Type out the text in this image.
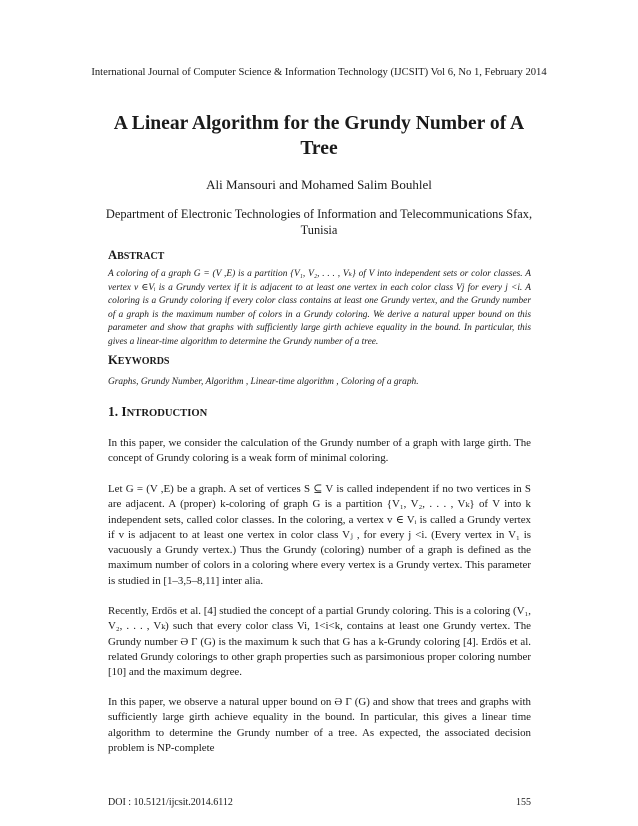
International Journal of Computer Science & Information Technology (IJCSIT) Vol 6, No 1, February 2014
A Linear Algorithm for the Grundy Number of A Tree
Ali Mansouri and Mohamed Salim Bouhlel
Department of Electronic Technologies of Information and Telecommunications Sfax, Tunisia
ABSTRACT
A coloring of a graph G = (V ,E) is a partition {V₁, V₂, . . . , Vₖ} of V into independent sets or color classes. A vertex v ∈Vᵢ is a Grundy vertex if it is adjacent to at least one vertex in each color class Vj for every j <i. A coloring is a Grundy coloring if every color class contains at least one Grundy vertex, and the Grundy number of a graph is the maximum number of colors in a Grundy coloring. We derive a natural upper bound on this parameter and show that graphs with sufficiently large girth achieve equality in the bound. In particular, this gives a linear-time algorithm to determine the Grundy number of a tree.
KEYWORDS
Graphs, Grundy Number, Algorithm , Linear-time algorithm , Coloring of a graph.
1. INTRODUCTION

In this paper, we consider the calculation of the Grundy number of a graph with large girth. The concept of Grundy coloring is a weak form of minimal coloring.

Let G = (V ,E) be a graph. A set of vertices S ⊆ V is called independent if no two vertices in S are adjacent. A (proper) k-coloring of graph G is a partition {V₁, V₂, . . . , Vₖ} of V into k independent sets, called color classes. In the coloring, a vertex v ∈ Vᵢ is called a Grundy vertex if v is adjacent to at least one vertex in color class Vⱼ , for every j <i. (Every vertex in V₁ is vacuously a Grundy vertex.) Thus the Grundy (coloring) number of a graph is defined as the maximum number of colors in a coloring where every vertex is a Grundy vertex. This parameter is studied in [1–3,5–8,11] inter alia.

Recently, Erdös et al. [4] studied the concept of a partial Grundy coloring. This is a coloring (V₁, V₂, . . . , Vₖ) such that every color class Vi, 1<i<k, contains at least one Grundy vertex. The Grundy number Ə Γ (G) is the maximum k such that G has a k-Grundy coloring [4]. Erdös et al. related Grundy colorings to other graph properties such as parsimonious proper coloring number [10] and the maximum degree.

In this paper, we observe a natural upper bound on Ə Γ (G) and show that trees and graphs with sufficiently large girth achieve equality in the bound. In particular, this gives a linear time algorithm to determine the Grundy number of a tree. As expected, the associated decision problem is NP-complete

DOI : 10.5121/ijcsit.2014.6112	155
